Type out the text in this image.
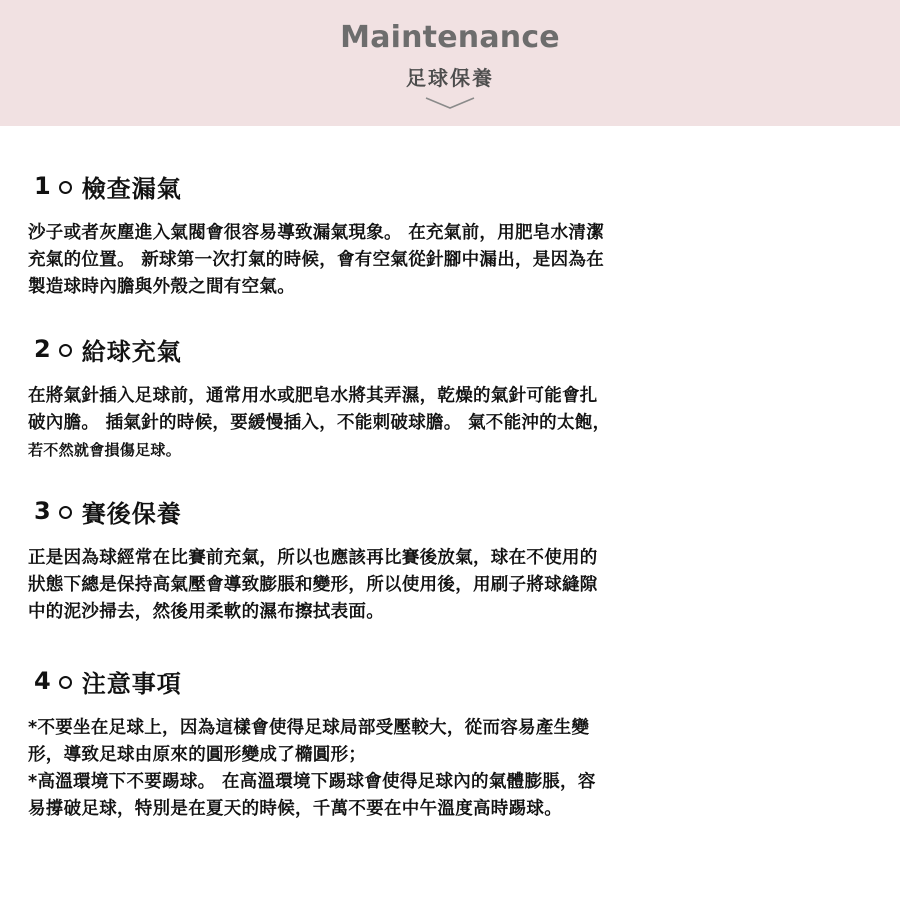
Maintenance
足球保養
1 檢查漏氣
沙子或者灰塵進入氣閥會很容易導致漏氣現象。 在充氣前，用肥皂水清潔
充氣的位置。 新球第一次打氣的時候，會有空氣從針腳中漏出，是因為在
製造球時內膽與外殼之間有空氣。
2 給球充氣
在將氣針插入足球前，通常用水或肥皂水將其弄濕，乾燥的氣針可能會扎
破內膽。 插氣針的時候，要緩慢插入，不能刺破球膽。 氣不能沖的太飽，
若不然就會損傷足球。
3 賽後保養
正是因為球經常在比賽前充氣，所以也應該再比賽後放氣，球在不使用的
狀態下總是保持高氣壓會導致膨脹和變形，所以使用後，用刷子將球縫隙
中的泥沙掃去，然後用柔軟的濕布擦拭表面。
4 注意事項
*不要坐在足球上，因為這樣會使得足球局部受壓較大，從而容易產生變
形，導致足球由原來的圓形變成了橢圓形；
*高溫環境下不要踢球。 在高溫環境下踢球會使得足球內的氣體膨脹，容
易撐破足球，特別是在夏天的時候，千萬不要在中午溫度高時踢球。
